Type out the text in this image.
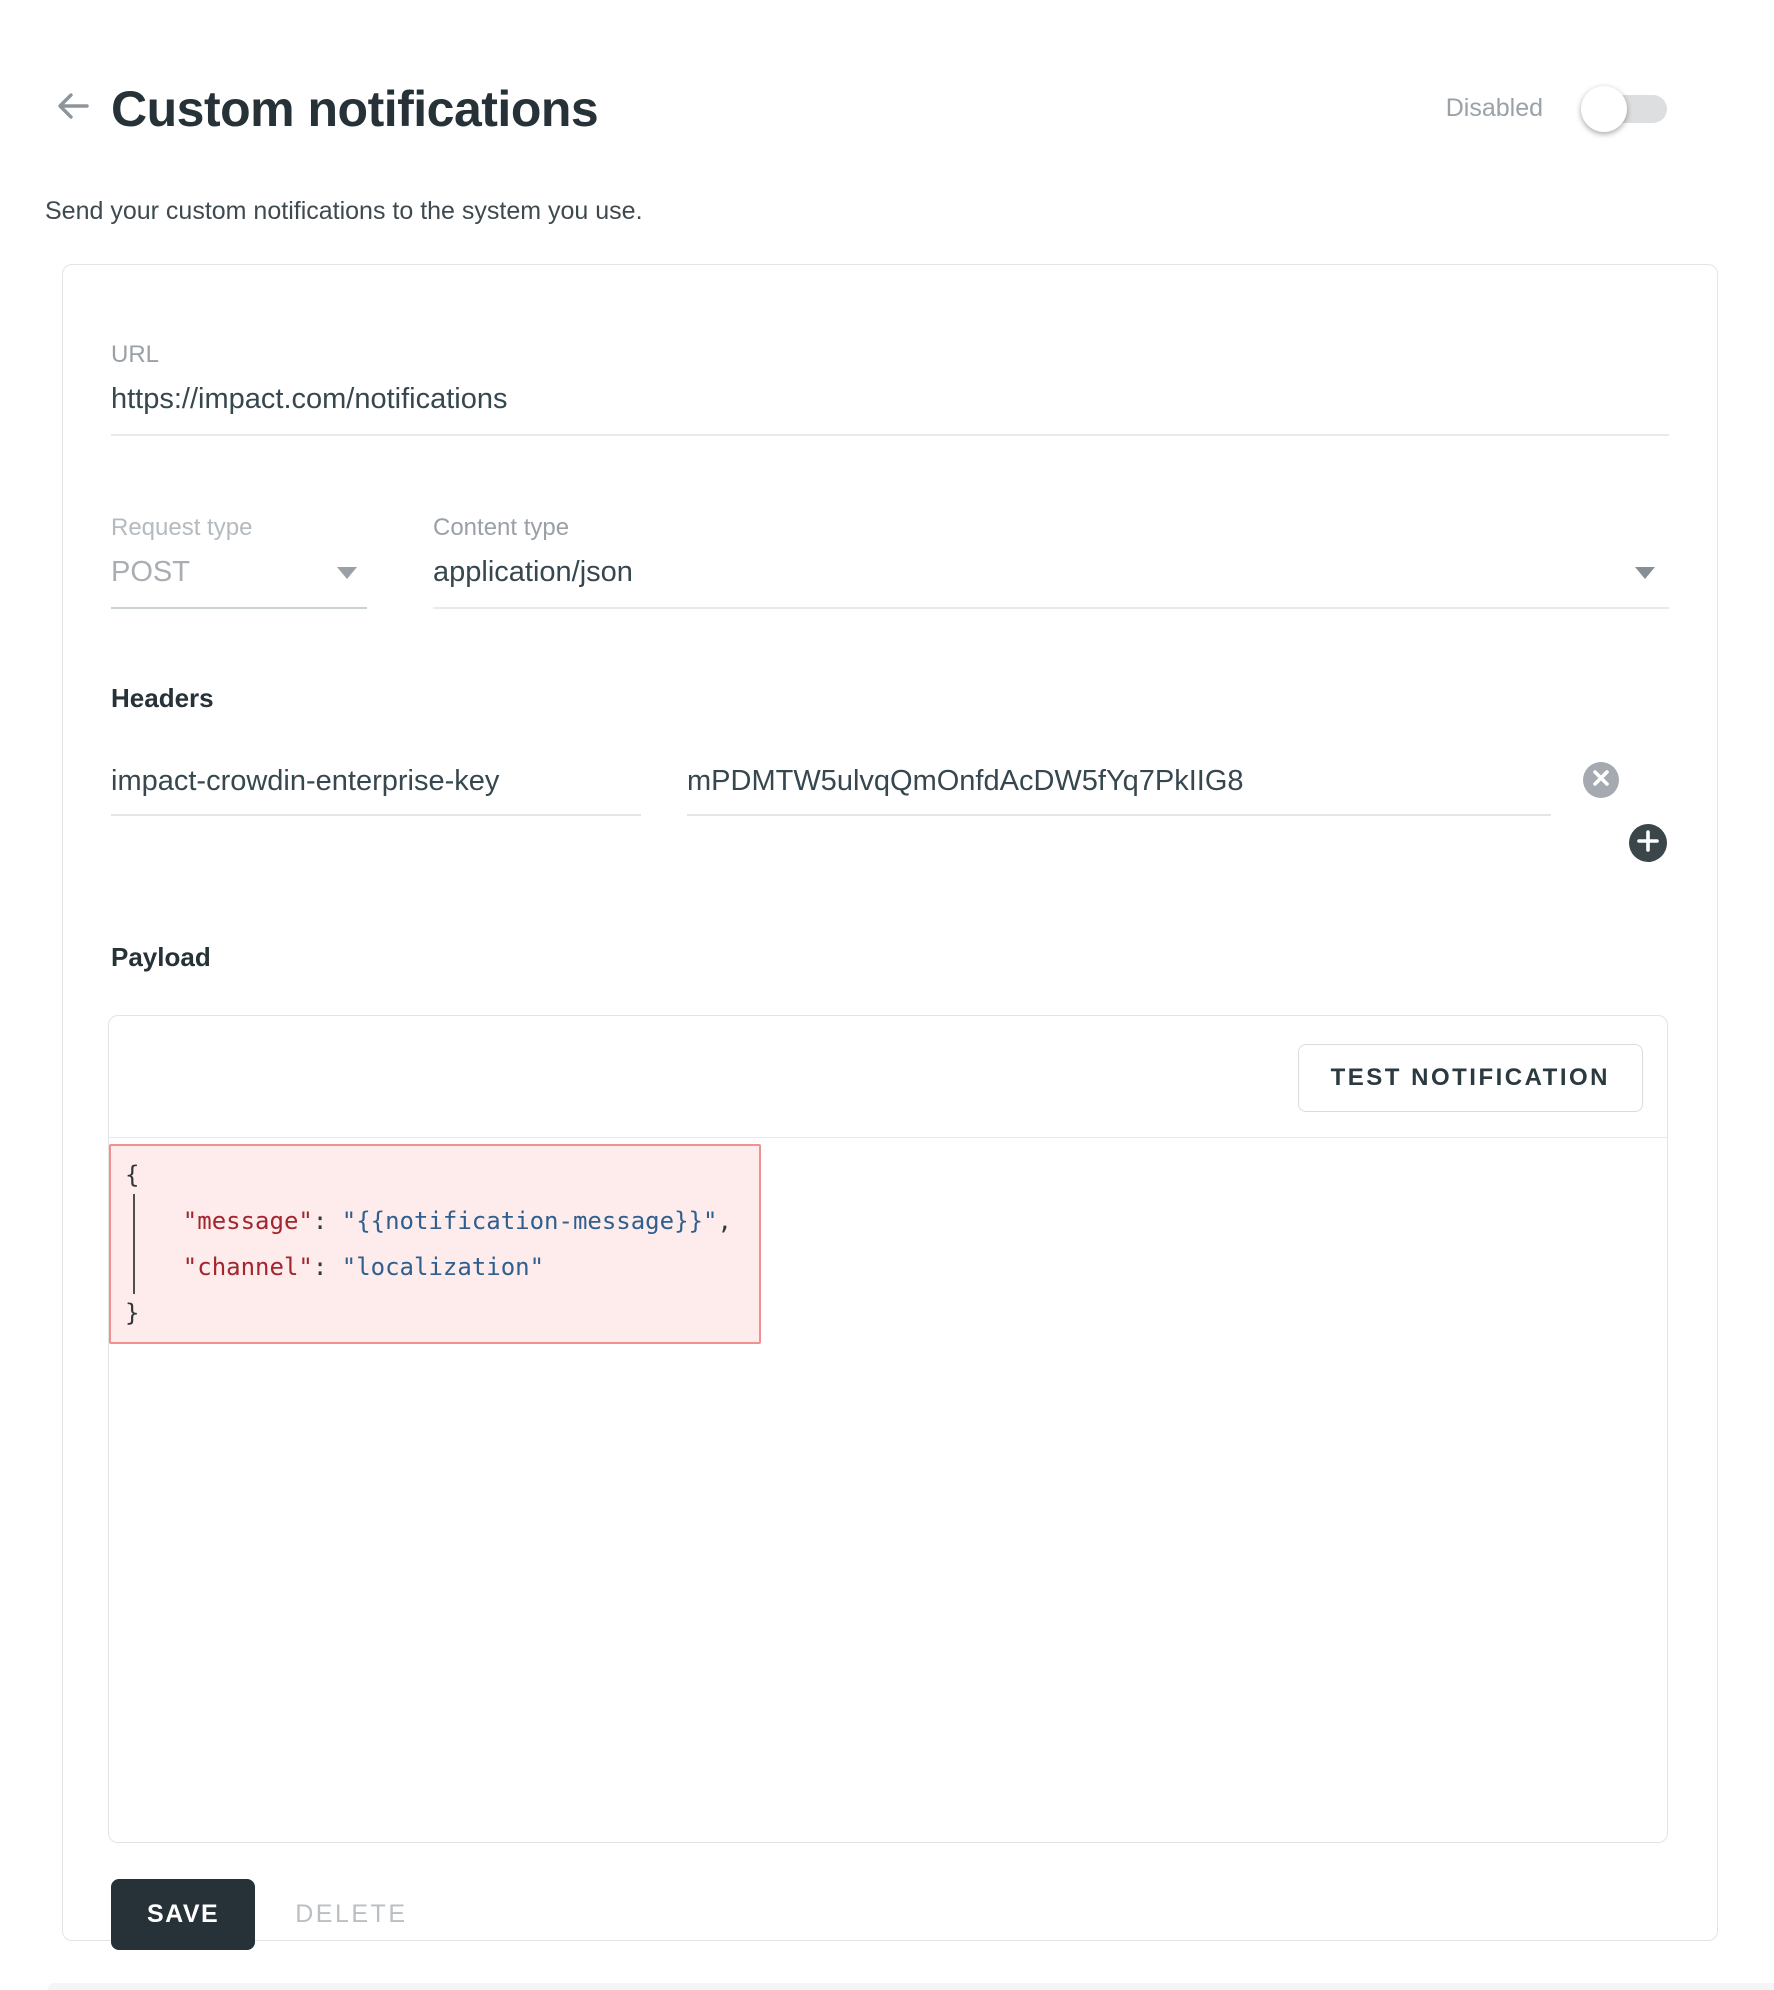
Custom notifications	Disabled
Send your custom notifications to the system you use.
URL
https://impact.com/notifications
Request type
POST
Content type
application/json
Headers
impact-crowdin-enterprise-key	mPDMTW5ulvqQmOnfdAcDW5fYq7PkIIG8
Payload
TEST NOTIFICATION
{
"message": "{{notification-message}}",
"channel": "localization"
}
SAVE	DELETE
